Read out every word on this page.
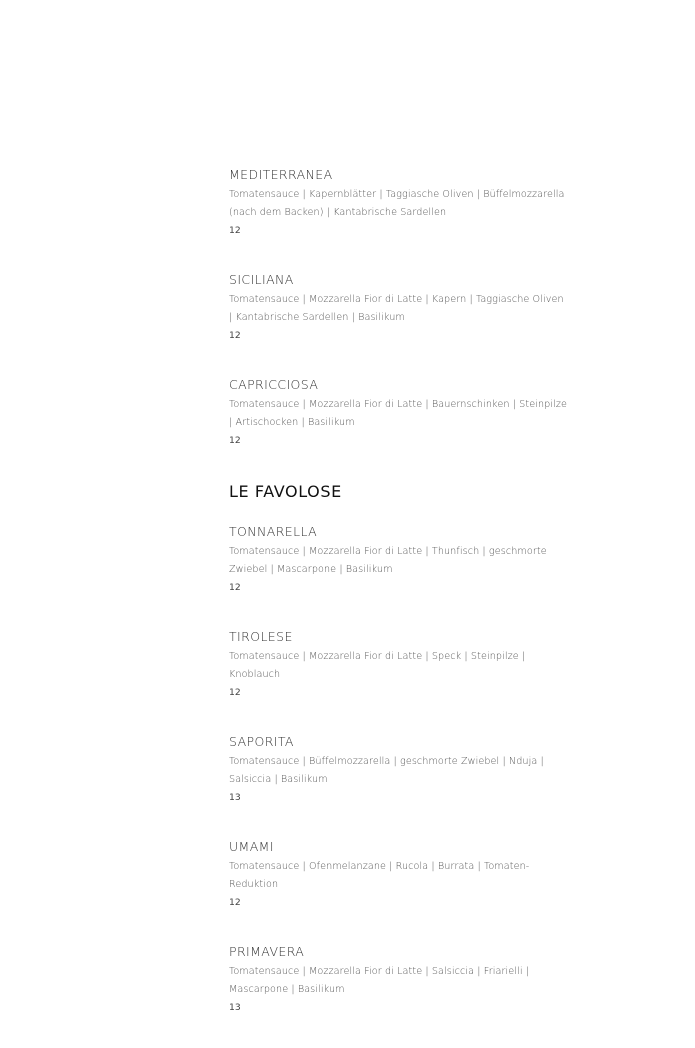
MEDITERRANEA
Tomatensauce | Kapernblätter | Taggiasche Oliven | Büffelmozzarella (nach dem Backen) | Kantabrische Sardellen
12
SICILIANA
Tomatensauce | Mozzarella Fior di Latte | Kapern | Taggiasche Oliven | Kantabrische Sardellen | Basilikum
12
CAPRICCIOSA
Tomatensauce | Mozzarella Fior di Latte | Bauernschinken | Steinpilze | Artischocken | Basilikum
12
LE FAVOLOSE
TONNARELLA
Tomatensauce | Mozzarella Fior di Latte | Thunfisch | geschmorte Zwiebel | Mascarpone | Basilikum
12
TIROLESE
Tomatensauce | Mozzarella Fior di Latte | Speck | Steinpilze | Knoblauch
12
SAPORITA
Tomatensauce | Büffelmozzarella | geschmorte Zwiebel | Nduja | Salsiccia | Basilikum
13
UMAMI
Tomatensauce | Ofenmelanzane | Rucola | Burrata | Tomaten-Reduktion
12
PRIMAVERA
Tomatensauce | Mozzarella Fior di Latte | Salsiccia | Friarielli | Mascarpone | Basilikum
13
